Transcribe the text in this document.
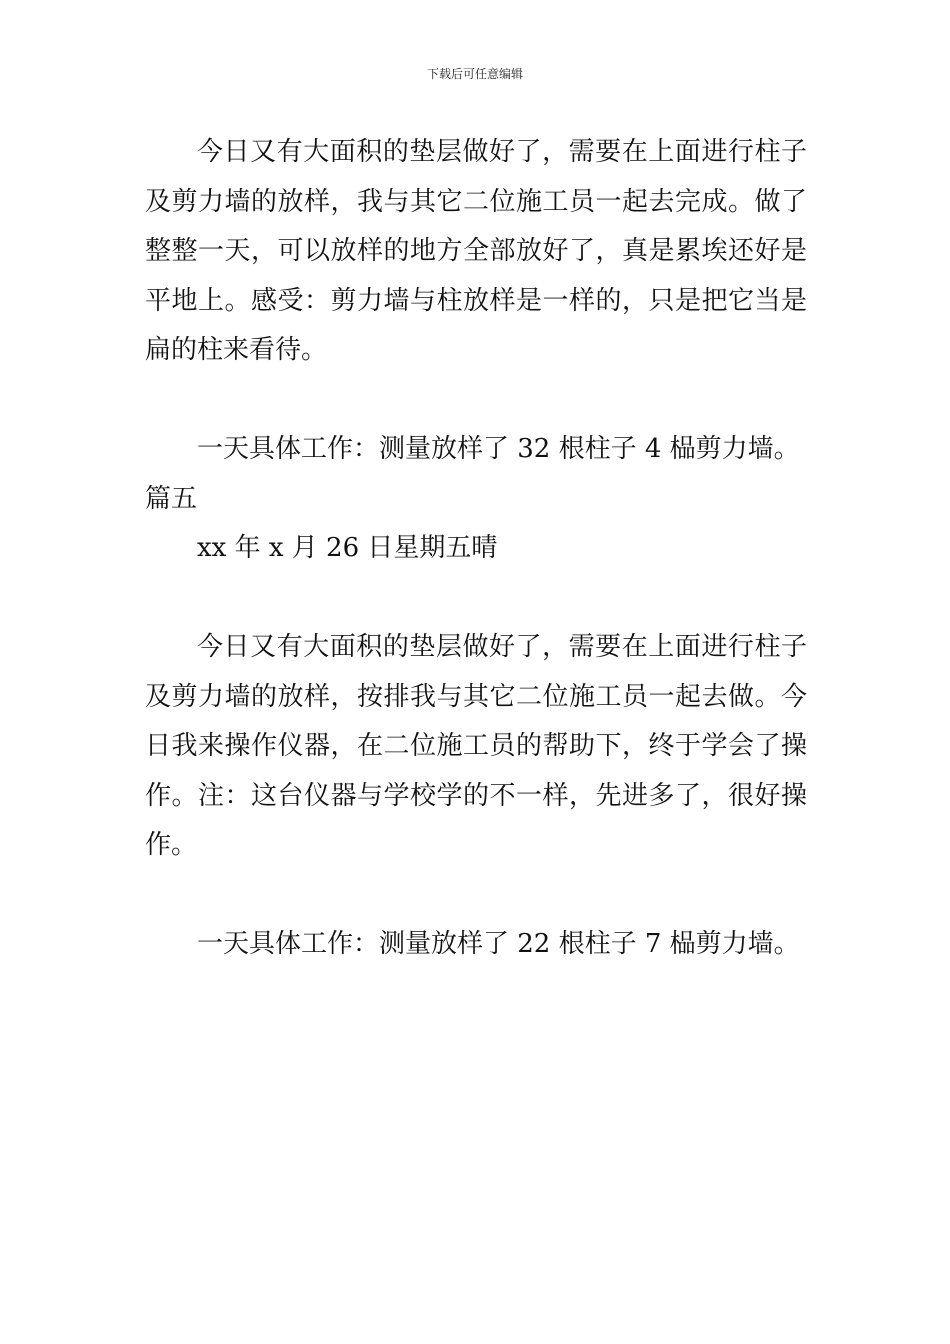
下载后可任意编辑

今日又有大面积的垫层做好了，需要在上面进行柱子及剪力墙的放样，我与其它二位施工员一起去完成。做了整整一天，可以放样的地方全部放好了，真是累埃还好是平地上。感受：剪力墙与柱放样是一样的，只是把它当是扁的柱来看待。

一天具体工作：测量放样了 32 根柱子 4 榀剪力墙。

篇五

xx 年 x 月 26 日星期五晴

今日又有大面积的垫层做好了，需要在上面进行柱子及剪力墙的放样，按排我与其它二位施工员一起去做。今日我来操作仪器，在二位施工员的帮助下，终于学会了操作。注：这台仪器与学校学的不一样，先进多了，很好操作。

一天具体工作：测量放样了 22 根柱子 7 榀剪力墙。
